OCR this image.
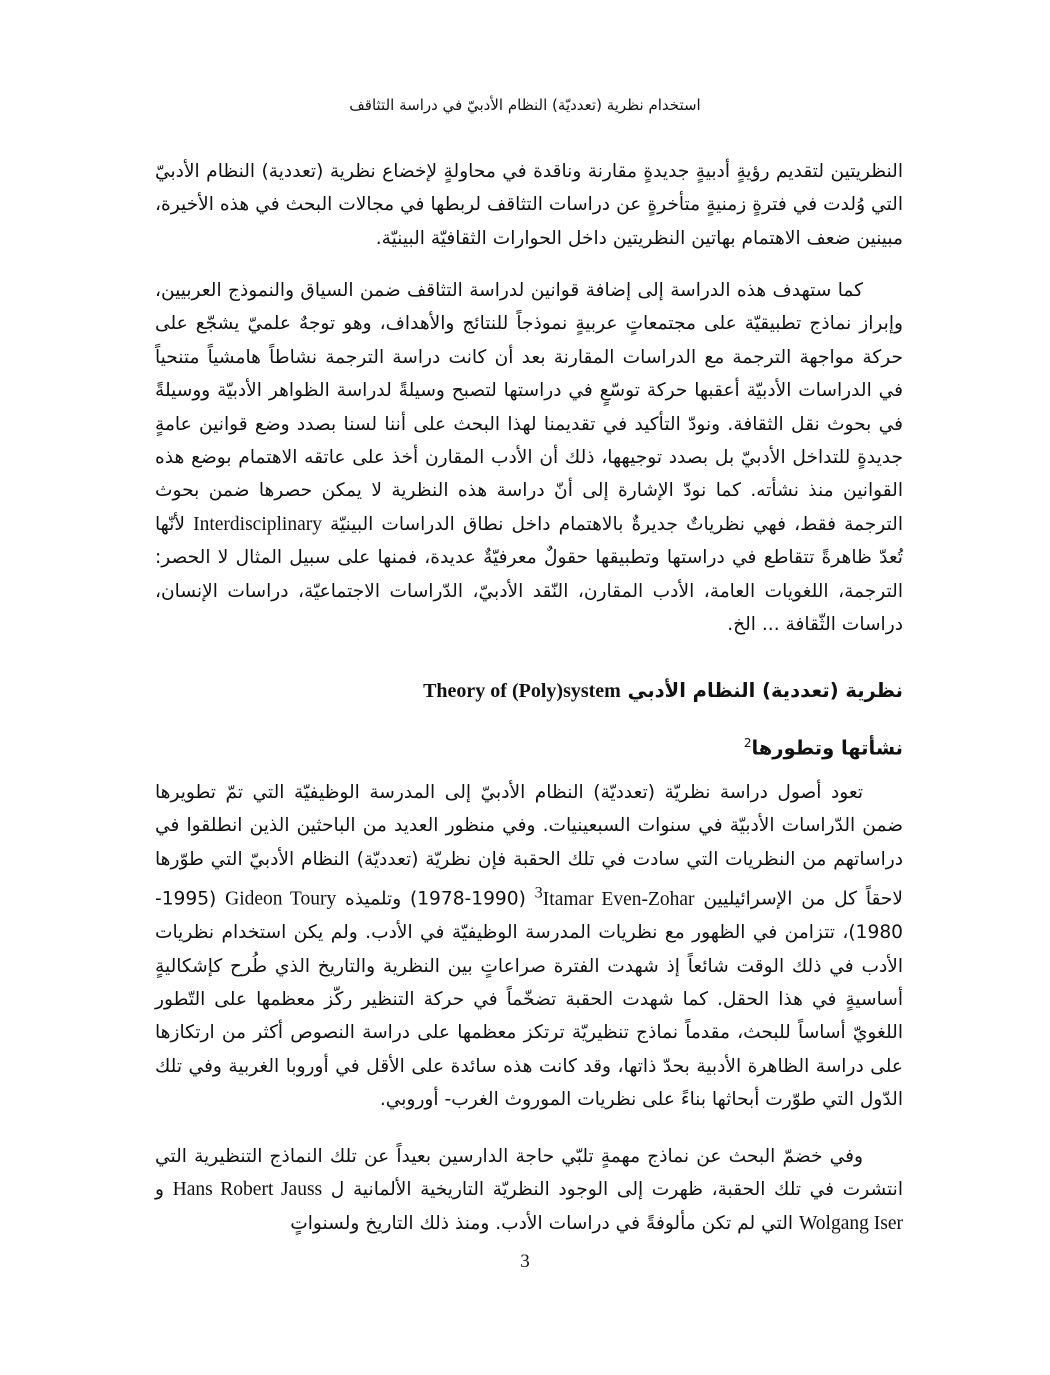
استخدام نظرية (تعدديّة) النظام الأدبيّ في دراسة التثاقف

النظريتين لتقديم رؤيةٍ أدبيةٍ جديدةٍ مقارنة وناقدة في محاولةٍ لإخضاع نظرية (تعددية) النظام الأدبيّ التي وُلدت في فترةٍ زمنيةٍ متأخرةٍ عن دراسات التثاقف لربطها في مجالات البحث في هذه الأخيرة، مبينين ضعف الاهتمام بهاتين النظريتين داخل الحوارات الثقافيّة البينيّة.

كما ستهدف هذه الدراسة إلى إضافة قوانين لدراسة التثاقف ضمن السياق والنموذج العربيين، وإبراز نماذج تطبيقيّة على مجتمعاتٍ عربيةٍ نموذجاً للنتائج والأهداف، وهو توجهٌ علميّ يشجّع على حركة مواجهة الترجمة مع الدراسات المقارنة بعد أن كانت دراسة الترجمة نشاطاً هامشياً متنحياً في الدراسات الأدبيّة أعقبها حركة توسّعٍ في دراستها لتصبح وسيلةً لدراسة الظواهر الأدبيّة ووسيلةً في بحوث نقل الثقافة. ونودّ التأكيد في تقديمنا لهذا البحث على أننا لسنا بصدد وضع قوانين عامةٍ جديدةٍ للتداخل الأدبيّ بل بصدد توجيهها، ذلك أن الأدب المقارن أخذ على عاتقه الاهتمام بوضع هذه القوانين منذ نشأته. كما نودّ الإشارة إلى أنّ دراسة هذه النظرية لا يمكن حصرها ضمن بحوث الترجمة فقط، فهي نظرياتٌ جديرةٌ بالاهتمام داخل نطاق الدراسات البينيّة Interdisciplinary لأنّها تُعدّ ظاهرةً تتقاطع في دراستها وتطبيقها حقولٌ معرفيّةٌ عديدة، فمنها على سبيل المثال لا الحصر: الترجمة، اللغويات العامة، الأدب المقارن، النّقد الأدبيّ، الدّراسات الاجتماعيّة، دراسات الإنسان، دراسات الثّقافة ... الخ.

نظرية (تعددية) النظام الأدبي Theory of (Poly)system
نشأتها وتطورها$^2$

تعود أصول دراسة نظريّة (تعدديّة) النظام الأدبيّ إلى المدرسة الوظيفيّة التي تمّ تطويرها ضمن الدّراسات الأدبيّة في سنوات السبعينيات. وفي منظور العديد من الباحثين الذين انطلقوا في دراساتهم من النظريات التي سادت في تلك الحقبة فإن نظريّة (تعدديّة) النظام الأدبيّ التي طوّرها لاحقاً كل من الإسرائيليين $^3$Itamar Even-Zohar (1990-1978) وتلميذه Gideon Toury (1995-1980)، تتزامن في الظهور مع نظريات المدرسة الوظيفيّة في الأدب. ولم يكن استخدام نظريات الأدب في ذلك الوقت شائعاً إذ شهدت الفترة صراعاتٍ بين النظرية والتاريخ الذي طُرح كإشكاليةٍ أساسيةٍ في هذا الحقل. كما شهدت الحقبة تضخّماً في حركة التنظير ركّز معظمها على التّطور اللغويّ أساساً للبحث، مقدماً نماذج تنظيريّة ترتكز معظمها على دراسة النصوص أكثر من ارتكازها على دراسة الظاهرة الأدبية بحدّ ذاتها، وقد كانت هذه سائدة على الأقل في أوروبا الغربية وفي تلك الدّول التي طوّرت أبحاثها بناءً على نظريات الموروث الغرب- أوروبي.

وفي خضمّ البحث عن نماذج مهمةٍ تلبّي حاجة الدارسين بعيداً عن تلك النماذج التنظيرية التي انتشرت في تلك الحقبة، ظهرت إلى الوجود النظريّة التاريخية الألمانية ل Hans Robert Jauss و Wolgang Iser التي لم تكن مألوفةً في دراسات الأدب. ومنذ ذلك التاريخ ولسنواتٍ

3
